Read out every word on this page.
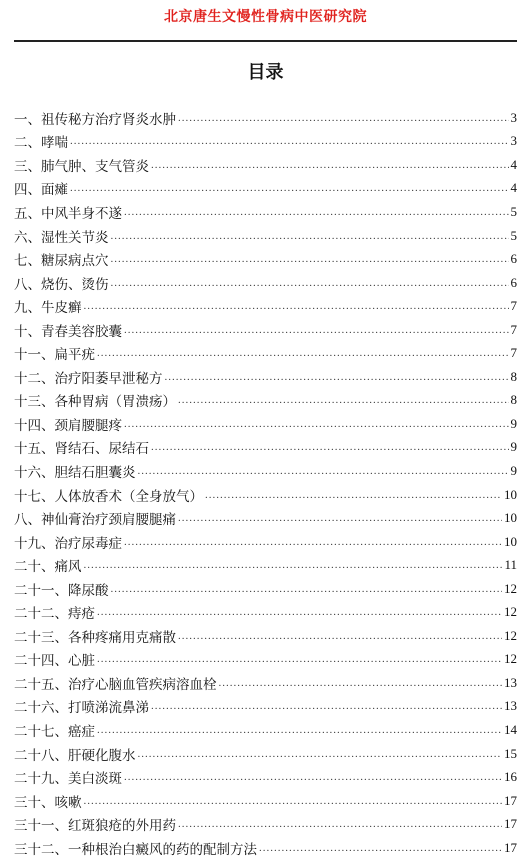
北京唐生文慢性骨病中医研究院
目录
一、祖传秘方治疗肾炎水肿 .....	3
二、哮喘 .....	3
三、肺气肿、支气管炎 .....	4
四、面瘫 .....	4
五、中风半身不遂 .....	5
六、湿性关节炎 .....	5
七、糖尿病点穴 .....	6
八、烧伤、烫伤 .....	6
九、牛皮癣 .....	7
十、青春美容胶囊 .....	7
十一、扁平疣 .....	7
十二、治疗阳萎早泄秘方 .....	8
十三、各种胃病（胃溃疡） .....	8
十四、颈肩腰腿疼 .....	9
十五、肾结石、尿结石 .....	9
十六、胆结石胆囊炎 .....	9
十七、人体放香术（全身放气） .....	10
八、神仙膏治疗颈肩腰腿痛 .....	10
十九、治疗尿毒症 .....	10
二十、痛风 .....	11
二十一、降尿酸 .....	12
二十二、痔疮 .....	12
二十三、各种疼痛用克痛散 .....	12
二十四、心脏 .....	12
二十五、治疗心脑血管疾病溶血栓 .....	13
二十六、打喷涕流鼻涕 .....	13
二十七、癌症 .....	14
二十八、肝硬化腹水 .....	15
二十九、美白淡斑 .....	16
三十、咳嗽 .....	17
三十一、红斑狼疮的外用药 .....	17
三十二、一种根治白癜风的药的配制方法 .....	17
